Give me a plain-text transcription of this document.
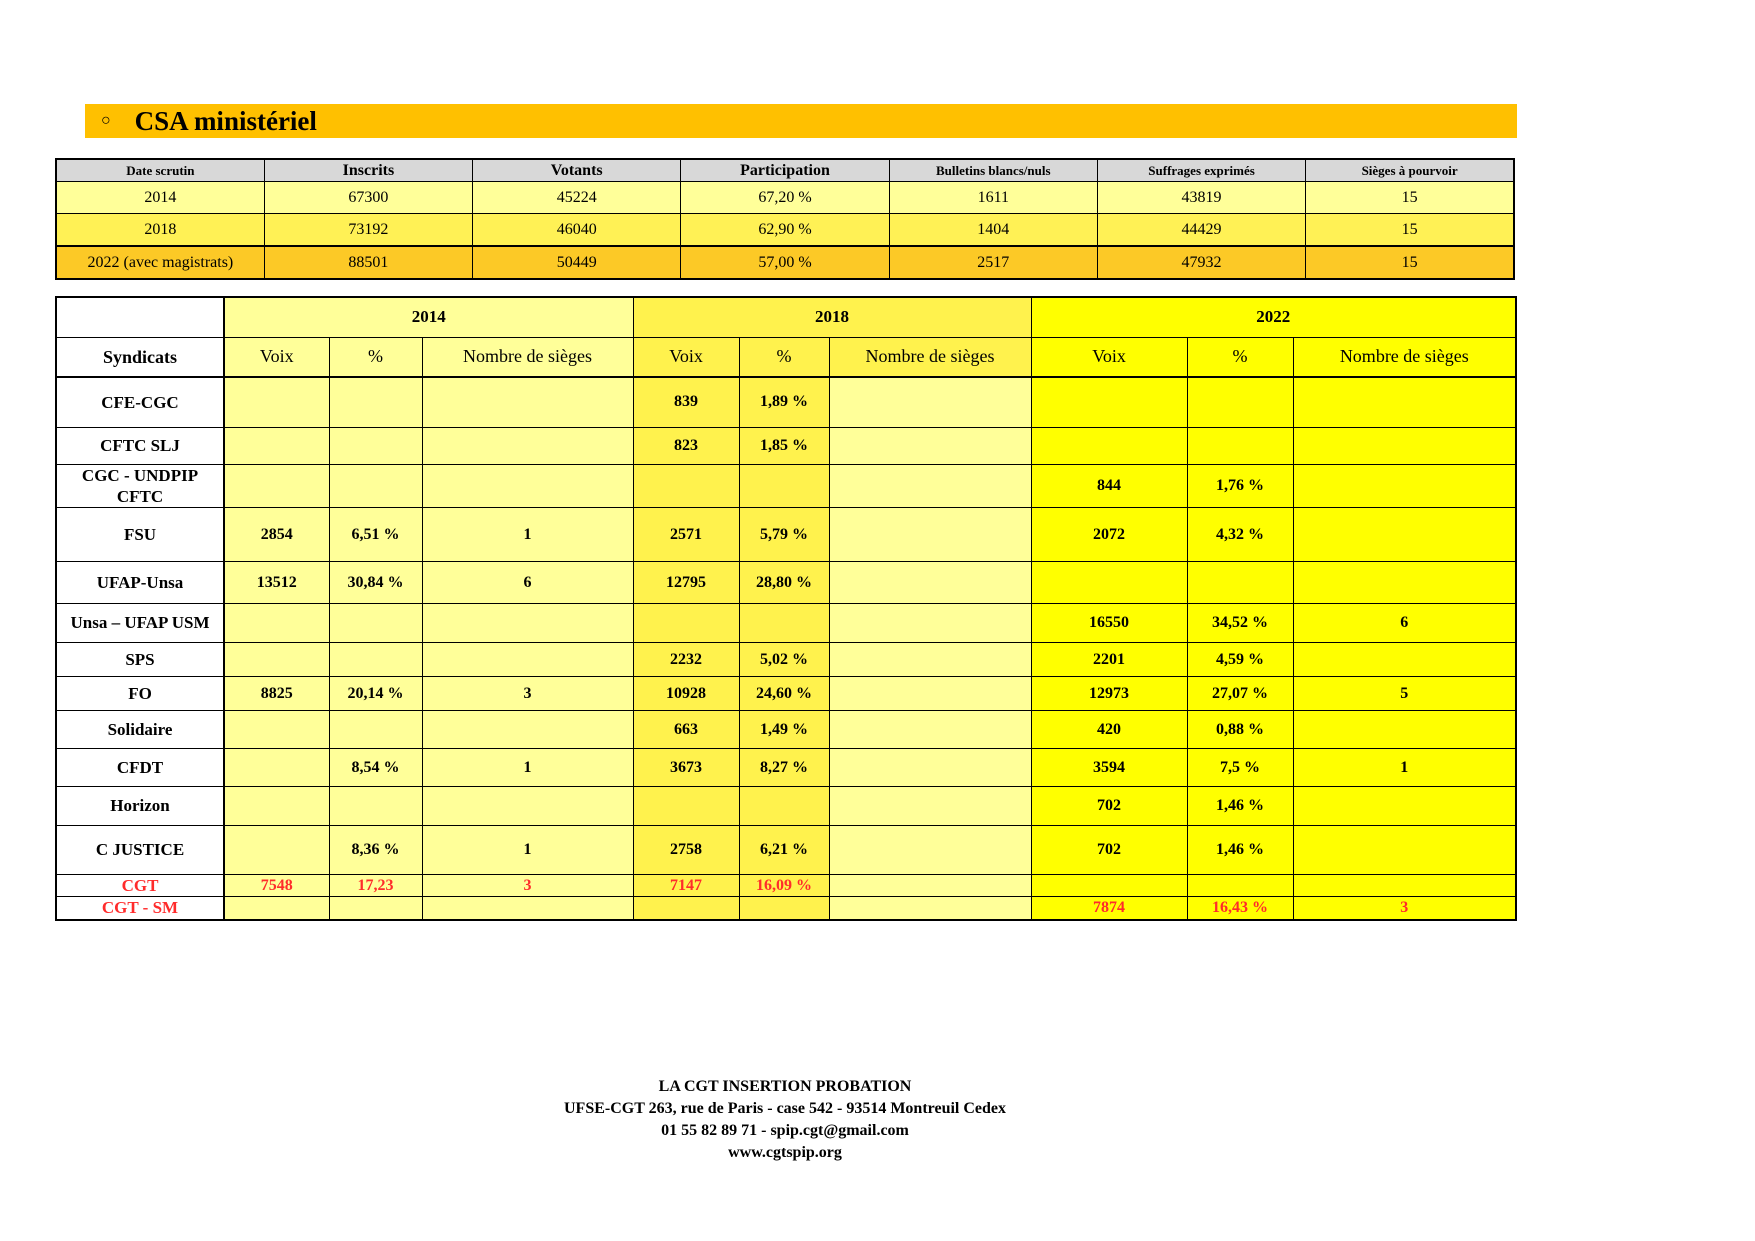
○ CSA ministériel
Date scrutin	Inscrits	Votants	Participation	Bulletins blancs/nuls	Suffrages exprimés	Sièges à pourvoir
2014	67300	45224	67,20 %	1611	43819	15
2018	73192	46040	62,90 %	1404	44429	15
2022 (avec magistrats)	88501	50449	57,00 %	2517	47932	15
	2014			2018			2022		
Syndicats	Voix	%	Nombre de sièges	Voix	%	Nombre de sièges	Voix	%	Nombre de sièges
CFE-CGC				839	1,89 %				
CFTC SLJ				823	1,85 %				
CGC - UNDPIP CFTC							844	1,76 %	
FSU	2854	6,51 %	1	2571	5,79 %		2072	4,32 %	
UFAP-Unsa	13512	30,84 %	6	12795	28,80 %				
Unsa – UFAP USM							16550	34,52 %	6
SPS				2232	5,02 %		2201	4,59 %	
FO	8825	20,14 %	3	10928	24,60 %		12973	27,07 %	5
Solidaire				663	1,49 %		420	0,88 %	
CFDT		8,54 %	1	3673	8,27 %		3594	7,5 %	1
Horizon							702	1,46 %	
C JUSTICE		8,36 %	1	2758	6,21 %		702	1,46 %	
CGT	7548	17,23	3	7147	16,09 %				
CGT - SM							7874	16,43 %	3
LA CGT INSERTION PROBATION
UFSE-CGT 263, rue de Paris - case 542 - 93514 Montreuil Cedex
01 55 82 89 71 - spip.cgt@gmail.com
www.cgtspip.org
